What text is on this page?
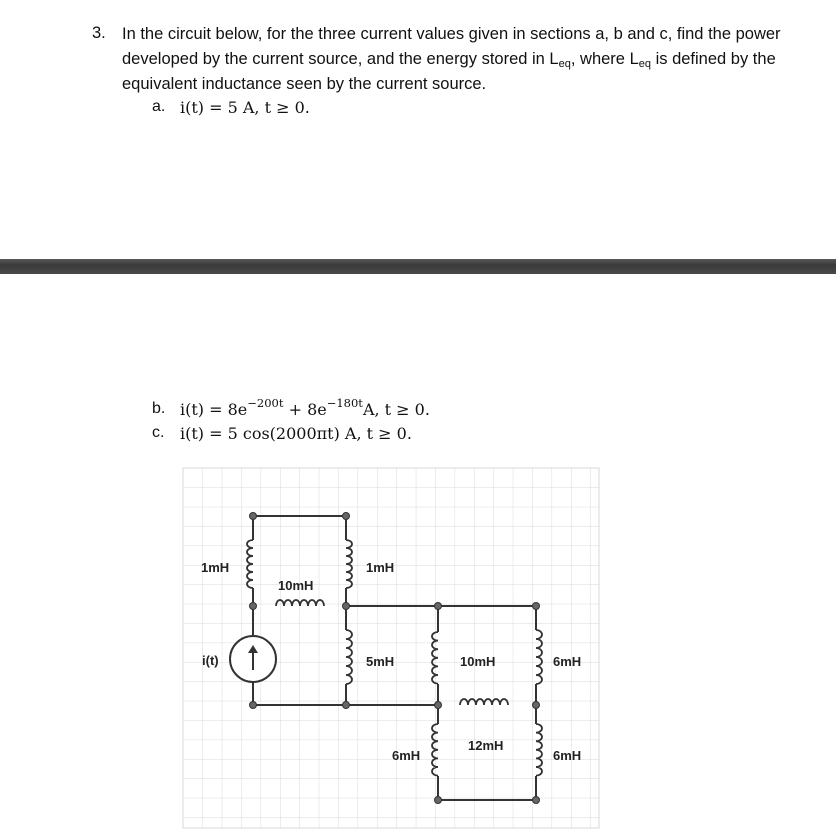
3. In the circuit below, for the three current values given in sections a, b and c, find the power
developed by the current source, and the energy stored in Leq, where Leq is defined by the
equivalent inductance seen by the current source.
a. i(t) = 5 A, t ≥ 0.
b. $i(t) = 8e^{-200t} + 8e^{-180t}A$, t ≥ 0.
c. i(t) = 5 cos(2000πt) A, t ≥ 0.
1mH
10mH
1mH
i(t)	5mH	10mH	6mH
12mH
6mH	6mH
